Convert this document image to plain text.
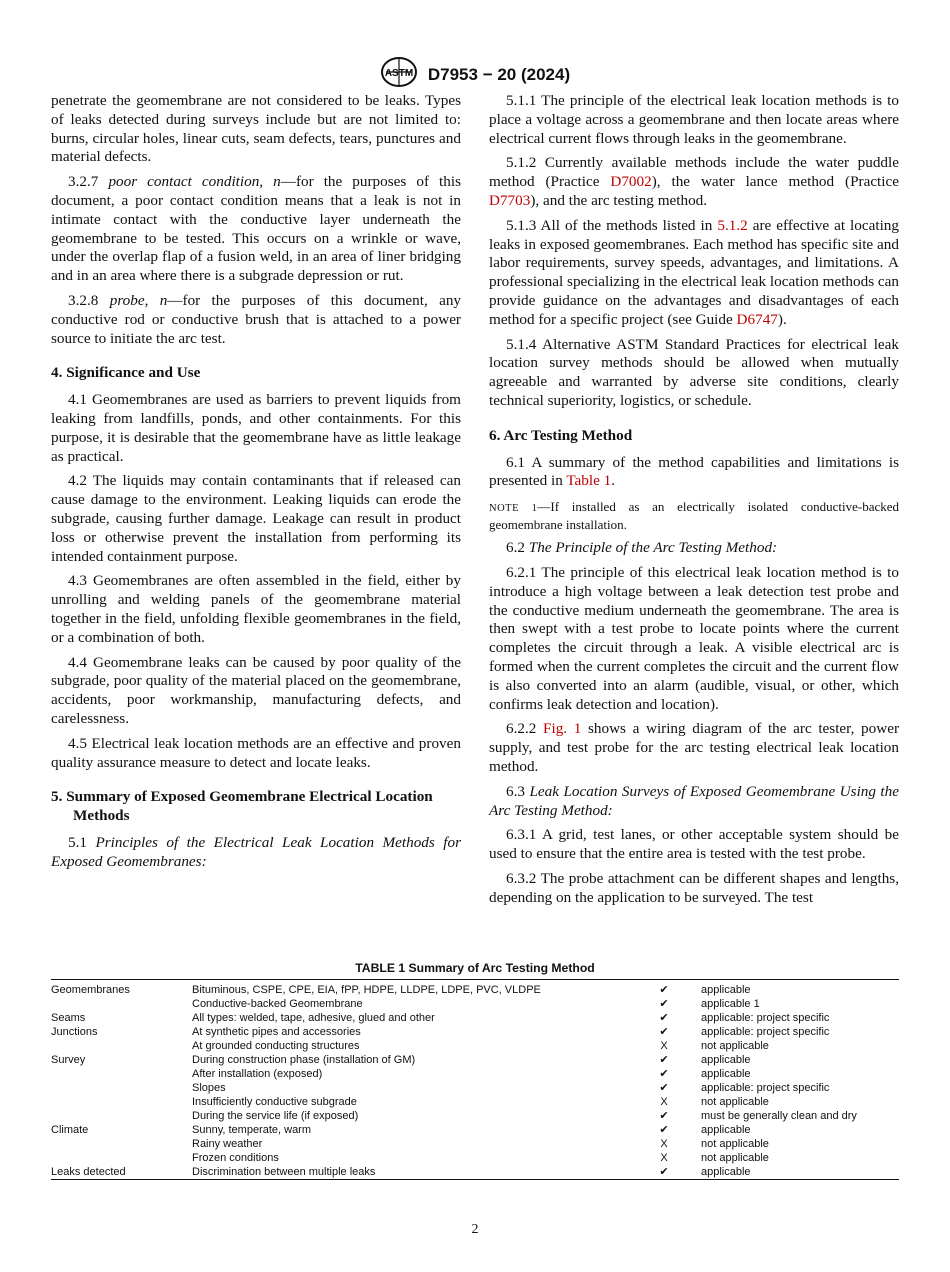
ASTM D7953 − 20 (2024)

penetrate the geomembrane are not considered to be leaks. Types of leaks detected during surveys include but are not limited to: burns, circular holes, linear cuts, seam defects, tears, punctures and material defects.

3.2.7 poor contact condition, n—for the purposes of this document, a poor contact condition means that a leak is not in intimate contact with the conductive layer underneath the geomembrane to be tested. This occurs on a wrinkle or wave, under the overlap flap of a fusion weld, in an area of liner bridging and in an area where there is a subgrade depression or rut.

3.2.8 probe, n—for the purposes of this document, any conductive rod or conductive brush that is attached to a power source to initiate the arc test.

4. Significance and Use

4.1 Geomembranes are used as barriers to prevent liquids from leaking from landfills, ponds, and other containments. For this purpose, it is desirable that the geomembrane have as little leakage as practical.

4.2 The liquids may contain contaminants that if released can cause damage to the environment. Leaking liquids can erode the subgrade, causing further damage. Leakage can result in product loss or otherwise prevent the installation from performing its intended containment purpose.

4.3 Geomembranes are often assembled in the field, either by unrolling and welding panels of the geomembrane material together in the field, unfolding flexible geomembranes in the field, or a combination of both.

4.4 Geomembrane leaks can be caused by poor quality of the subgrade, poor quality of the material placed on the geomembrane, accidents, poor workmanship, manufacturing defects, and carelessness.

4.5 Electrical leak location methods are an effective and proven quality assurance measure to detect and locate leaks.

5. Summary of Exposed Geomembrane Electrical Location Methods

5.1 Principles of the Electrical Leak Location Methods for Exposed Geomembranes:

5.1.1 The principle of the electrical leak location methods is to place a voltage across a geomembrane and then locate areas where electrical current flows through leaks in the geomembrane.

5.1.2 Currently available methods include the water puddle method (Practice D7002), the water lance method (Practice D7703), and the arc testing method.

5.1.3 All of the methods listed in 5.1.2 are effective at locating leaks in exposed geomembranes. Each method has specific site and labor requirements, survey speeds, advantages, and limitations. A professional specializing in the electrical leak location methods can provide guidance on the advantages and disadvantages of each method for a specific project (see Guide D6747).

5.1.4 Alternative ASTM Standard Practices for electrical leak location survey methods should be allowed when mutually agreeable and warranted by adverse site conditions, clearly technical superiority, logistics, or schedule.

6. Arc Testing Method

6.1 A summary of the method capabilities and limitations is presented in Table 1.

NOTE 1—If installed as an electrically isolated conductive-backed geomembrane installation.

6.2 The Principle of the Arc Testing Method:

6.2.1 The principle of this electrical leak location method is to introduce a high voltage between a leak detection test probe and the conductive medium underneath the geomembrane. The area is then swept with a test probe to locate points where the current completes the circuit through a leak. A visible electrical arc is formed when the current completes the circuit and the current flow is also converted into an alarm (audible, visual, or other, which confirms leak detection and location).

6.2.2 Fig. 1 shows a wiring diagram of the arc tester, power supply, and test probe for the arc testing electrical leak location method.

6.3 Leak Location Surveys of Exposed Geomembrane Using the Arc Testing Method:

6.3.1 A grid, test lanes, or other acceptable system should be used to ensure that the entire area is tested with the test probe.

6.3.2 The probe attachment can be different shapes and lengths, depending on the application to be surveyed. The test

TABLE 1 Summary of Arc Testing Method
Geomembranes	Bituminous, CSPE, CPE, EIA, fPP, HDPE, LLDPE, LDPE, PVC, VLDPE	✔	applicable
	Conductive-backed Geomembrane	✔	applicable 1
Seams	All types: welded, tape, adhesive, glued and other	✔	applicable: project specific
Junctions	At synthetic pipes and accessories	✔	applicable: project specific
	At grounded conducting structures	X	not applicable
Survey	During construction phase (installation of GM)	✔	applicable
	After installation (exposed)	✔	applicable
	Slopes	✔	applicable: project specific
	Insufficiently conductive subgrade	X	not applicable
	During the service life (if exposed)	✔	must be generally clean and dry
Climate	Sunny, temperate, warm	✔	applicable
	Rainy weather	X	not applicable
	Frozen conditions	X	not applicable
Leaks detected	Discrimination between multiple leaks	✔	applicable
2
